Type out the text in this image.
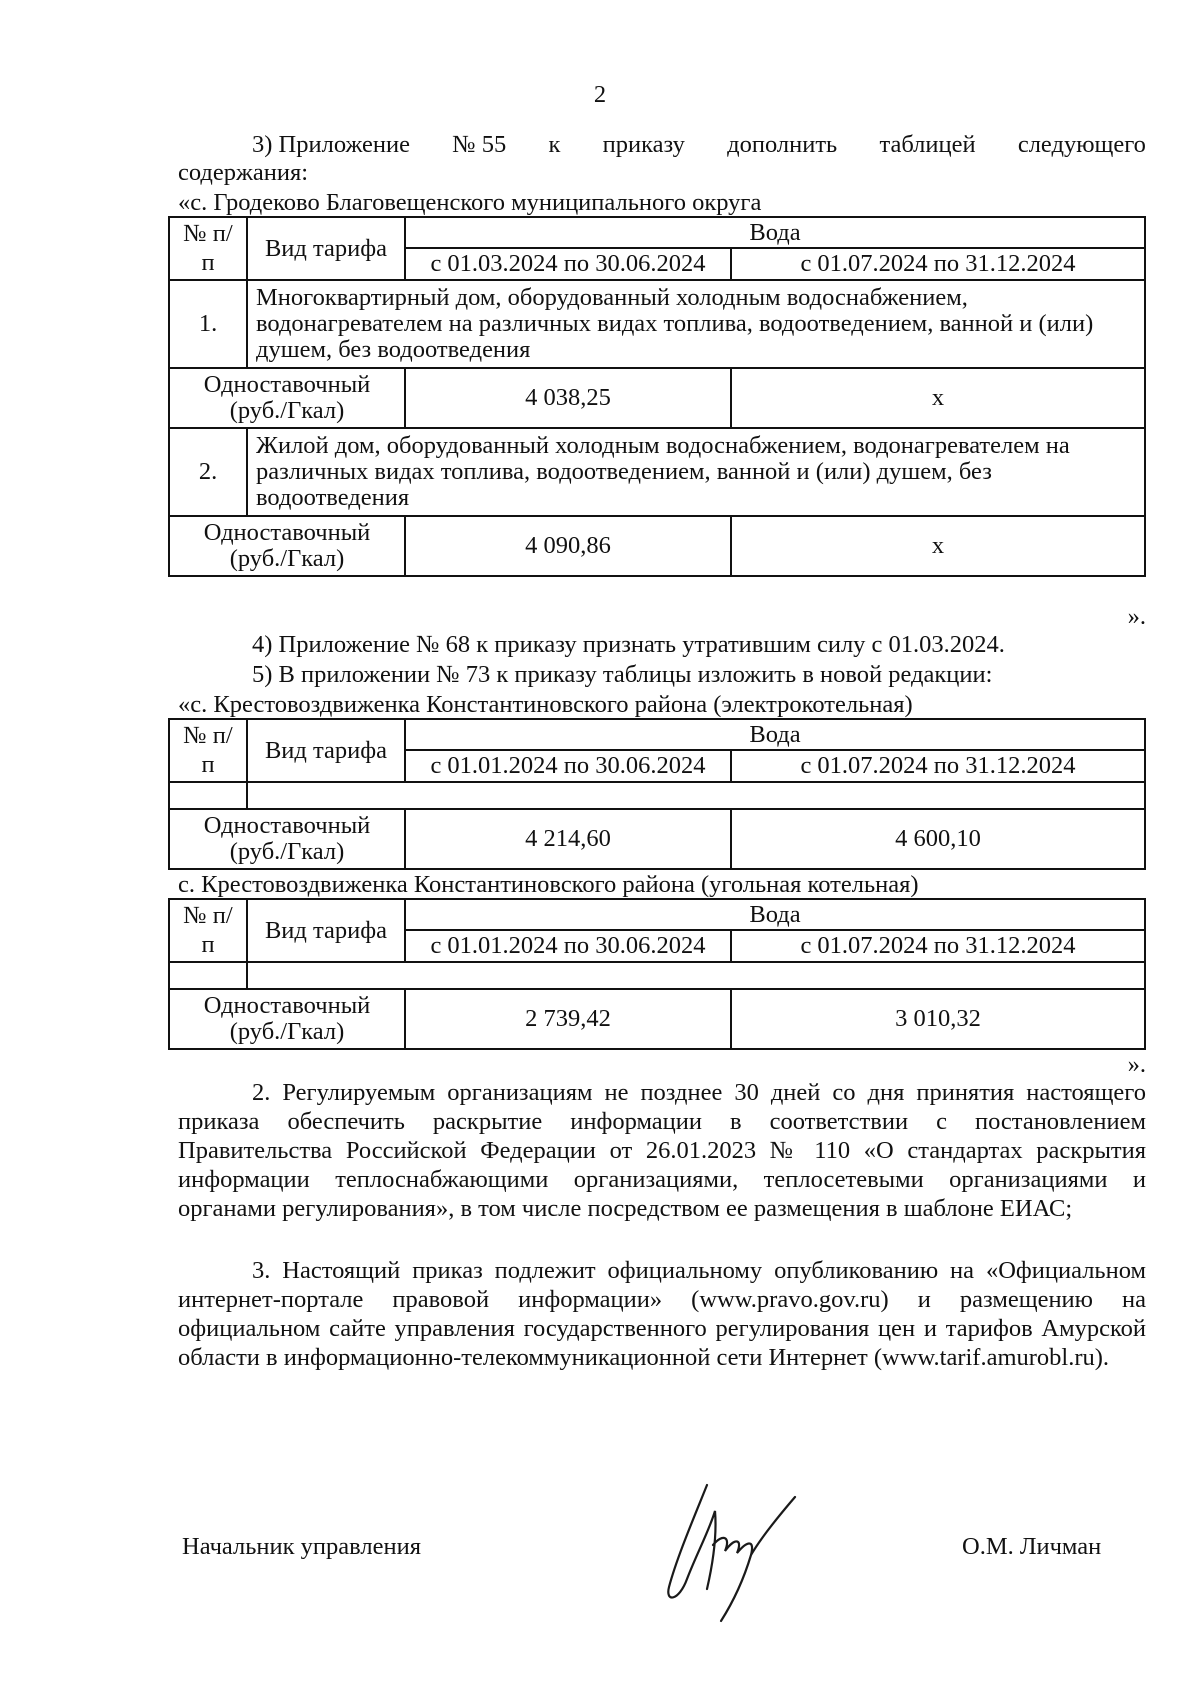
2
3) Приложение № 55 к приказу дополнить таблицей следующего
содержания:
«с. Гродеково Благовещенского муниципального округа
№ п/п	Вид тарифа	Вода	
		с 01.03.2024 по 30.06.2024	с 01.07.2024 по 31.12.2024
1.	Многоквартирный дом, оборудованный холодным водоснабжением, водонагревателем на различных видах топлива, водоотведением, ванной и (или) душем, без водоотведения		
Одноставочный (руб./Гкал)		4 038,25	х
2.	Жилой дом, оборудованный холодным водоснабжением, водонагревателем на различных видах топлива, водоотведением, ванной и (или) душем, без водоотведения		
Одноставочный (руб./Гкал)		4 090,86	х
».
4) Приложение № 68 к приказу признать утратившим силу с 01.03.2024.
5) В приложении № 73 к приказу таблицы изложить в новой редакции:
«с. Крестовоздвиженка Константиновского района (электрокотельная)
№ п/п	Вид тарифа	Вода	
		с 01.01.2024 по 30.06.2024	с 01.07.2024 по 31.12.2024

Одноставочный (руб./Гкал)		4 214,60	4 600,10
с. Крестовоздвиженка Константиновского района (угольная котельная)
№ п/п	Вид тарифа	Вода	
		с 01.01.2024 по 30.06.2024	с 01.07.2024 по 31.12.2024

Одноставочный (руб./Гкал)		2 739,42	3 010,32
».
2. Регулируемым организациям не позднее 30 дней со дня принятия настоящего приказа обеспечить раскрытие информации в соответствии с постановлением Правительства Российской Федерации от 26.01.2023 № 110 «О стандартах раскрытия информации теплоснабжающими организациями, теплосетевыми организациями и органами регулирования», в том числе посредством ее размещения в шаблоне ЕИАС;
3. Настоящий приказ подлежит официальному опубликованию на «Официальном интернет-портале правовой информации» (www.pravo.gov.ru) и размещению на официальном сайте управления государственного регулирования цен и тарифов Амурской области в информационно-телекоммуникационной сети Интернет (www.tarif.amurobl.ru).
Начальник управления	О.М. Личман
